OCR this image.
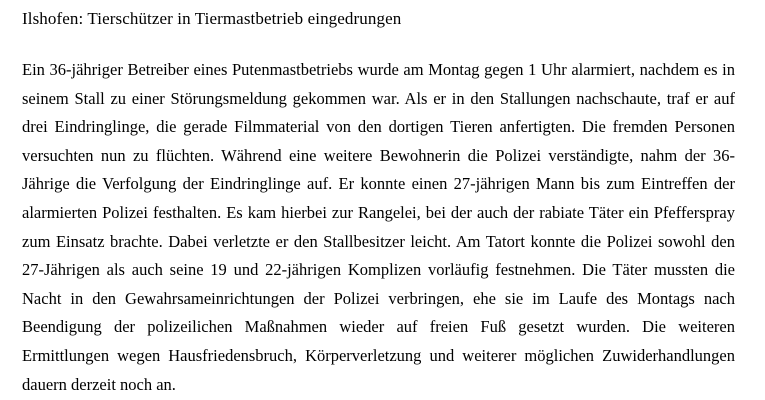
Ilshofen: Tierschützer in Tiermastbetrieb eingedrungen

Ein 36-jähriger Betreiber eines Putenmastbetriebs wurde am Montag gegen 1 Uhr alarmiert, nachdem es in seinem Stall zu einer Störungsmeldung gekommen war. Als er in den Stallungen nachschaute, traf er auf drei Eindringlinge, die gerade Filmmaterial von den dortigen Tieren anfertigten. Die fremden Personen versuchten nun zu flüchten. Während eine weitere Bewohnerin die Polizei verständigte, nahm der 36-Jährige die Verfolgung der Eindringlinge auf. Er konnte einen 27-jährigen Mann bis zum Eintreffen der alarmierten Polizei festhalten. Es kam hierbei zur Rangelei, bei der auch der rabiate Täter ein Pfefferspray zum Einsatz brachte. Dabei verletzte er den Stallbesitzer leicht. Am Tatort konnte die Polizei sowohl den 27-Jährigen als auch seine 19 und 22-jährigen Komplizen vorläufig festnehmen. Die Täter mussten die Nacht in den Gewahrsameinrichtungen der Polizei verbringen, ehe sie im Laufe des Montags nach Beendigung der polizeilichen Maßnahmen wieder auf freien Fuß gesetzt wurden. Die weiteren Ermittlungen wegen Hausfriedensbruch, Körperverletzung und weiterer möglichen Zuwiderhandlungen dauern derzeit noch an.
